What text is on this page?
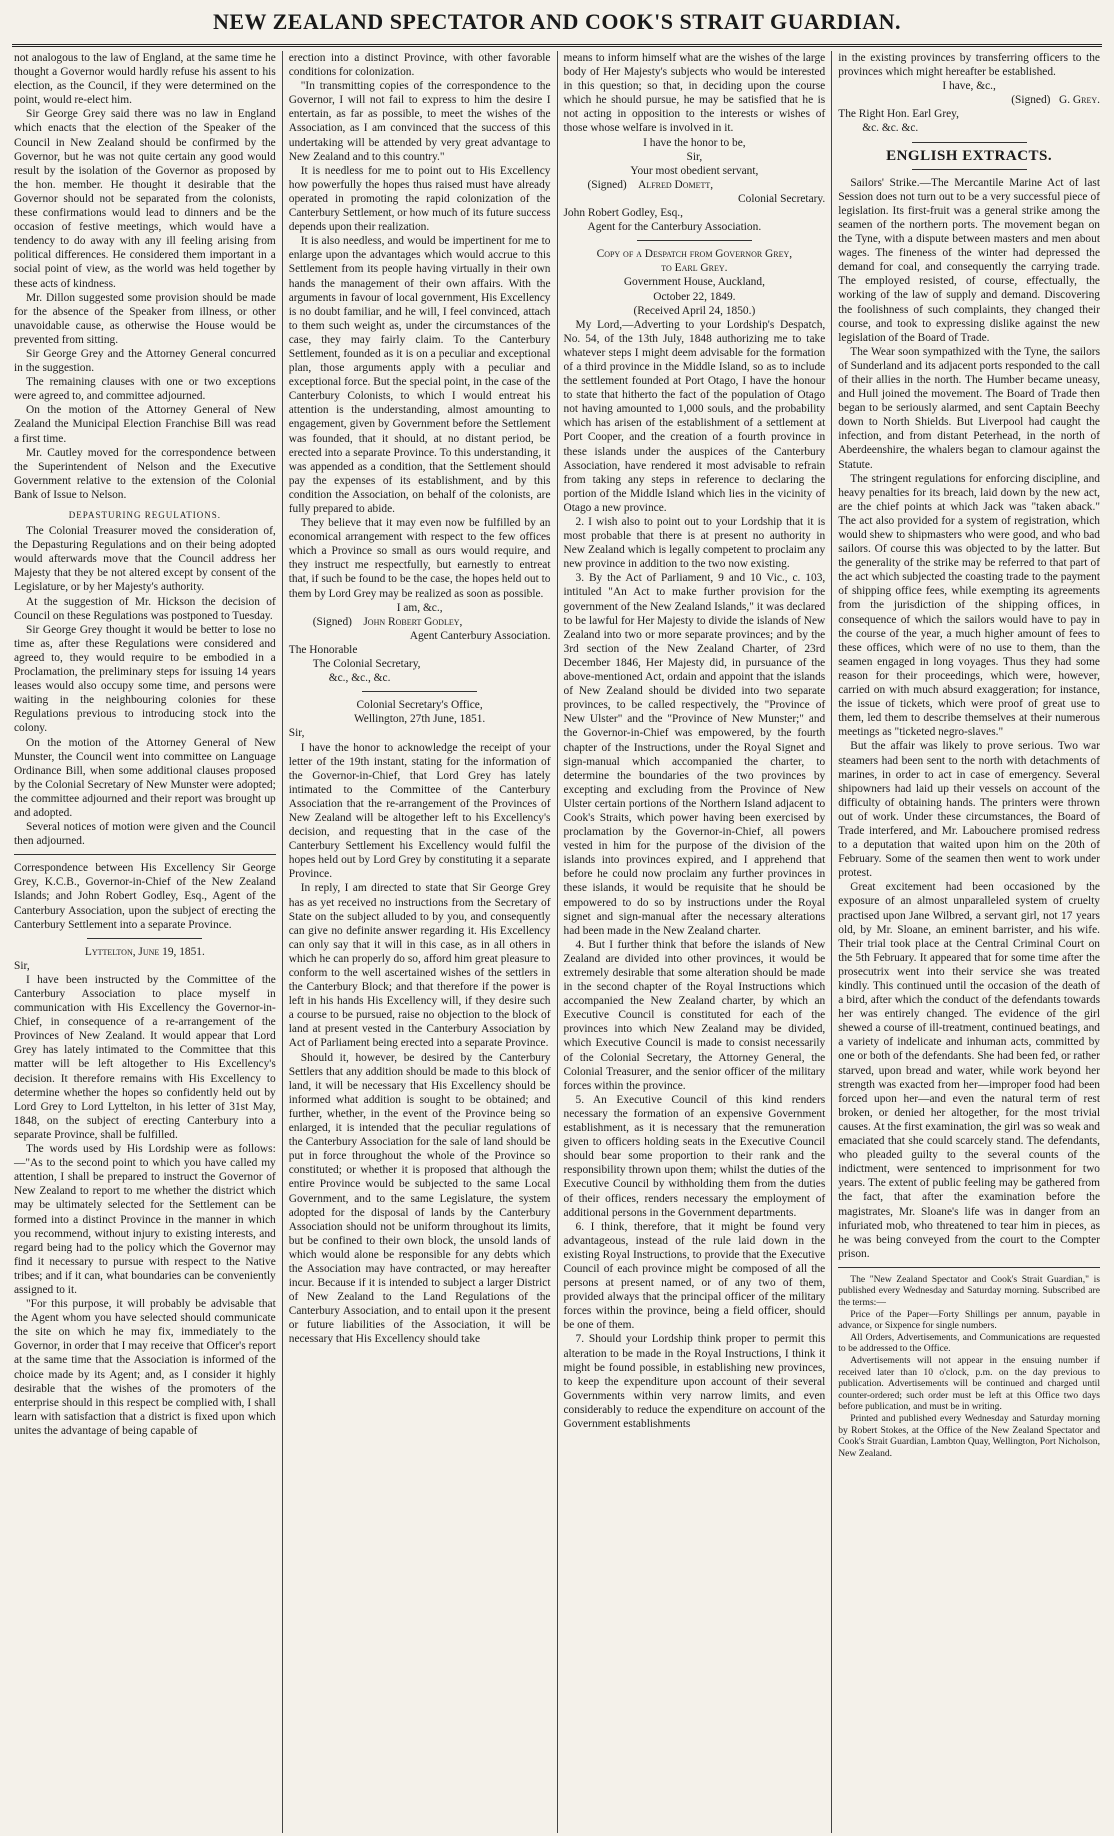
NEW ZEALAND SPECTATOR AND COOK'S STRAIT GUARDIAN.

not analogous to the law of England, at the same time he thought a Governor would hardly refuse his assent to his election, as the Council, if they were determined on the point, would re-elect him.

Sir George Grey said there was no law in England which enacts that the election of the Speaker of the Council in New Zealand should be confirmed by the Governor, but he was not quite certain any good would result by the isolation of the Governor as proposed by the hon. member. He thought it desirable that the Governor should not be separated from the colonists, these confirmations would lead to dinners and be the occasion of festive meetings, which would have a tendency to do away with any ill feeling arising from political differences. He considered them important in a social point of view, as the world was held together by these acts of kindness.

Mr. Dillon suggested some provision should be made for the absence of the Speaker from illness, or other unavoidable cause, as otherwise the House would be prevented from sitting.

Sir George Grey and the Attorney General concurred in the suggestion.

The remaining clauses with one or two exceptions were agreed to, and committee adjourned.

On the motion of the Attorney General of New Zealand the Municipal Election Franchise Bill was read a first time.

Mr. Cautley moved for the correspondence between the Superintendent of Nelson and the Executive Government relative to the extension of the Colonial Bank of Issue to Nelson.

DEPASTURING REGULATIONS.

The Colonial Treasurer moved the consideration of, the Depasturing Regulations and on their being adopted would afterwards move that the Council address her Majesty that they be not altered except by consent of the Legislature, or by her Majesty's authority.

At the suggestion of Mr. Hickson the decision of Council on these Regulations was postponed to Tuesday.

Sir George Grey thought it would be better to lose no time as, after these Regulations were considered and agreed to, they would require to be embodied in a Proclamation, the preliminary steps for issuing 14 years leases would also occupy some time, and persons were waiting in the neighbouring colonies for these Regulations previous to introducing stock into the colony.

On the motion of the Attorney General of New Munster, the Council went into committee on Language Ordinance Bill, when some additional clauses proposed by the Colonial Secretary of New Munster were adopted; the committee adjourned and their report was brought up and adopted.

Several notices of motion were given and the Council then adjourned.

Correspondence between His Excellency Sir George Grey, K.C.B., Governor-in-Chief of the New Zealand Islands; and John Robert Godley, Esq., Agent of the Canterbury Association, upon the subject of erecting the Canterbury Settlement into a separate Province.

Lyttelton, June 19, 1851.

Sir,

I have been instructed by the Committee of the Canterbury Association to place myself in communication with His Excellency the Governor-in-Chief, in consequence of a re-arrangement of the Provinces of New Zealand. It would appear that Lord Grey has lately intimated to the Committee that this matter will be left altogether to His Excellency's decision. It therefore remains with His Excellency to determine whether the hopes so confidently held out by Lord Grey to Lord Lyttelton, in his letter of 31st May, 1848, on the subject of erecting Canterbury into a separate Province, shall be fulfilled.

The words used by His Lordship were as follows:—"As to the second point to which you have called my attention, I shall be prepared to instruct the Governor of New Zealand to report to me whether the district which may be ultimately selected for the Settlement can be formed into a distinct Province in the manner in which you recommend, without injury to existing interests, and regard being had to the policy which the Governor may find it necessary to pursue with respect to the Native tribes; and if it can, what boundaries can be conveniently assigned to it.

"For this purpose, it will probably be advisable that the Agent whom you have selected should communicate the site on which he may fix, immediately to the Governor, in order that I may receive that Officer's report at the same time that the Association is informed of the choice made by its Agent; and, as I consider it highly desirable that the wishes of the promoters of the enterprise should in this respect be complied with, I shall learn with satisfaction that a district is fixed upon which unites the advantage of being capable of

erection into a distinct Province, with other favorable conditions for colonization.

"In transmitting copies of the correspondence to the Governor, I will not fail to express to him the desire I entertain, as far as possible, to meet the wishes of the Association, as I am convinced that the success of this undertaking will be attended by very great advantage to New Zealand and to this country."

It is needless for me to point out to His Excellency how powerfully the hopes thus raised must have already operated in promoting the rapid colonization of the Canterbury Settlement, or how much of its future success depends upon their realization.

It is also needless, and would be impertinent for me to enlarge upon the advantages which would accrue to this Settlement from its people having virtually in their own hands the management of their own affairs. With the arguments in favour of local government, His Excellency is no doubt familiar, and he will, I feel convinced, attach to them such weight as, under the circumstances of the case, they may fairly claim. To the Canterbury Settlement, founded as it is on a peculiar and exceptional plan, those arguments apply with a peculiar and exceptional force. But the special point, in the case of the Canterbury Colonists, to which I would entreat his attention is the understanding, almost amounting to engagement, given by Government before the Settlement was founded, that it should, at no distant period, be erected into a separate Province. To this understanding, it was appended as a condition, that the Settlement should pay the expenses of its establishment, and by this condition the Association, on behalf of the colonists, are fully prepared to abide.

They believe that it may even now be fulfilled by an economical arrangement with respect to the few offices which a Province so small as ours would require, and they instruct me respectfully, but earnestly to entreat that, if such be found to be the case, the hopes held out to them by Lord Grey may be realized as soon as possible.

I am, &c.,

(Signed) John Robert Godley,

Agent Canterbury Association.

The Honorable

The Colonial Secretary,

&c., &c., &c.

Colonial Secretary's Office,

Wellington, 27th June, 1851.

Sir,

I have the honor to acknowledge the receipt of your letter of the 19th instant, stating for the information of the Governor-in-Chief, that Lord Grey has lately intimated to the Committee of the Canterbury Association that the re-arrangement of the Provinces of New Zealand will be altogether left to his Excellency's decision, and requesting that in the case of the Canterbury Settlement his Excellency would fulfil the hopes held out by Lord Grey by constituting it a separate Province.

In reply, I am directed to state that Sir George Grey has as yet received no instructions from the Secretary of State on the subject alluded to by you, and consequently can give no definite answer regarding it. His Excellency can only say that it will in this case, as in all others in which he can properly do so, afford him great pleasure to conform to the well ascertained wishes of the settlers in the Canterbury Block; and that therefore if the power is left in his hands His Excellency will, if they desire such a course to be pursued, raise no objection to the block of land at present vested in the Canterbury Association by Act of Parliament being erected into a separate Province.

Should it, however, be desired by the Canterbury Settlers that any addition should be made to this block of land, it will be necessary that His Excellency should be informed what addition is sought to be obtained; and further, whether, in the event of the Province being so enlarged, it is intended that the peculiar regulations of the Canterbury Association for the sale of land should be put in force throughout the whole of the Province so constituted; or whether it is proposed that although the entire Province would be subjected to the same Local Government, and to the same Legislature, the system adopted for the disposal of lands by the Canterbury Association should not be uniform throughout its limits, but be confined to their own block, the unsold lands of which would alone be responsible for any debts which the Association may have contracted, or may hereafter incur. Because if it is intended to subject a larger District of New Zealand to the Land Regulations of the Canterbury Association, and to entail upon it the present or future liabilities of the Association, it will be necessary that His Excellency should take

means to inform himself what are the wishes of the large body of Her Majesty's subjects who would be interested in this question; so that, in deciding upon the course which he should pursue, he may be satisfied that he is not acting in opposition to the interests or wishes of those whose welfare is involved in it.

I have the honor to be,

Sir,

Your most obedient servant,

(Signed) Alfred Domett,

Colonial Secretary.

John Robert Godley, Esq.,

Agent for the Canterbury Association.

Copy of a Despatch from Governor Grey,

to Earl Grey.

Government House, Auckland,

October 22, 1849.

(Received April 24, 1850.)

My Lord,—Adverting to your Lordship's Despatch, No. 54, of the 13th July, 1848 authorizing me to take whatever steps I might deem advisable for the formation of a third province in the Middle Island, so as to include the settlement founded at Port Otago, I have the honour to state that hitherto the fact of the population of Otago not having amounted to 1,000 souls, and the probability which has arisen of the establishment of a settlement at Port Cooper, and the creation of a fourth province in these islands under the auspices of the Canterbury Association, have rendered it most advisable to refrain from taking any steps in reference to declaring the portion of the Middle Island which lies in the vicinity of Otago a new province.

2. I wish also to point out to your Lordship that it is most probable that there is at present no authority in New Zealand which is legally competent to proclaim any new province in addition to the two now existing.

3. By the Act of Parliament, 9 and 10 Vic., c. 103, intituled "An Act to make further provision for the government of the New Zealand Islands," it was declared to be lawful for Her Majesty to divide the islands of New Zealand into two or more separate provinces; and by the 3rd section of the New Zealand Charter, of 23rd December 1846, Her Majesty did, in pursuance of the above-mentioned Act, ordain and appoint that the islands of New Zealand should be divided into two separate provinces, to be called respectively, the "Province of New Ulster" and the "Province of New Munster;" and the Governor-in-Chief was empowered, by the fourth chapter of the Instructions, under the Royal Signet and sign-manual which accompanied the charter, to determine the boundaries of the two provinces by excepting and excluding from the Province of New Ulster certain portions of the Northern Island adjacent to Cook's Straits, which power having been exercised by proclamation by the Governor-in-Chief, all powers vested in him for the purpose of the division of the islands into provinces expired, and I apprehend that before he could now proclaim any further provinces in these islands, it would be requisite that he should be empowered to do so by instructions under the Royal signet and sign-manual after the necessary alterations had been made in the New Zealand charter.

4. But I further think that before the islands of New Zealand are divided into other provinces, it would be extremely desirable that some alteration should be made in the second chapter of the Royal Instructions which accompanied the New Zealand charter, by which an Executive Council is constituted for each of the provinces into which New Zealand may be divided, which Executive Council is made to consist necessarily of the Colonial Secretary, the Attorney General, the Colonial Treasurer, and the senior officer of the military forces within the province.

5. An Executive Council of this kind renders necessary the formation of an expensive Government establishment, as it is necessary that the remuneration given to officers holding seats in the Executive Council should bear some proportion to their rank and the responsibility thrown upon them; whilst the duties of the Executive Council by withholding them from the duties of their offices, renders necessary the employment of additional persons in the Government departments.

6. I think, therefore, that it might be found very advantageous, instead of the rule laid down in the existing Royal Instructions, to provide that the Executive Council of each province might be composed of all the persons at present named, or of any two of them, provided always that the principal officer of the military forces within the province, being a field officer, should be one of them.

7. Should your Lordship think proper to permit this alteration to be made in the Royal Instructions, I think it might be found possible, in establishing new provinces, to keep the expenditure upon account of their several Governments within very narrow limits, and even considerably to reduce the expenditure on account of the Government establishments

in the existing provinces by transferring officers to the provinces which might hereafter be established.

I have, &c.,

(Signed) G. Grey.

The Right Hon. Earl Grey,

&c. &c. &c.

ENGLISH EXTRACTS.

Sailors' Strike.—The Mercantile Marine Act of last Session does not turn out to be a very successful piece of legislation. Its first-fruit was a general strike among the seamen of the northern ports. The movement began on the Tyne, with a dispute between masters and men about wages. The fineness of the winter had depressed the demand for coal, and consequently the carrying trade. The employed resisted, of course, effectually, the working of the law of supply and demand. Discovering the foolishness of such complaints, they changed their course, and took to expressing dislike against the new legislation of the Board of Trade.

The Wear soon sympathized with the Tyne, the sailors of Sunderland and its adjacent ports responded to the call of their allies in the north. The Humber became uneasy, and Hull joined the movement. The Board of Trade then began to be seriously alarmed, and sent Captain Beechy down to North Shields. But Liverpool had caught the infection, and from distant Peterhead, in the north of Aberdeenshire, the whalers began to clamour against the Statute.

The stringent regulations for enforcing discipline, and heavy penalties for its breach, laid down by the new act, are the chief points at which Jack was "taken aback." The act also provided for a system of registration, which would shew to shipmasters who were good, and who bad sailors. Of course this was objected to by the latter. But the generality of the strike may be referred to that part of the act which subjected the coasting trade to the payment of shipping office fees, while exempting its agreements from the jurisdiction of the shipping offices, in consequence of which the sailors would have to pay in the course of the year, a much higher amount of fees to these offices, which were of no use to them, than the seamen engaged in long voyages. Thus they had some reason for their proceedings, which were, however, carried on with much absurd exaggeration; for instance, the issue of tickets, which were proof of great use to them, led them to describe themselves at their numerous meetings as "ticketed negro-slaves."

But the affair was likely to prove serious. Two war steamers had been sent to the north with detachments of marines, in order to act in case of emergency. Several shipowners had laid up their vessels on account of the difficulty of obtaining hands. The printers were thrown out of work. Under these circumstances, the Board of Trade interfered, and Mr. Labouchere promised redress to a deputation that waited upon him on the 20th of February. Some of the seamen then went to work under protest.

Great excitement had been occasioned by the exposure of an almost unparalleled system of cruelty practised upon Jane Wilbred, a servant girl, not 17 years old, by Mr. Sloane, an eminent barrister, and his wife. Their trial took place at the Central Criminal Court on the 5th February. It appeared that for some time after the prosecutrix went into their service she was treated kindly. This continued until the occasion of the death of a bird, after which the conduct of the defendants towards her was entirely changed. The evidence of the girl shewed a course of ill-treatment, continued beatings, and a variety of indelicate and inhuman acts, committed by one or both of the defendants. She had been fed, or rather starved, upon bread and water, while work beyond her strength was exacted from her—improper food had been forced upon her—and even the natural term of rest broken, or denied her altogether, for the most trivial causes. At the first examination, the girl was so weak and emaciated that she could scarcely stand. The defendants, who pleaded guilty to the several counts of the indictment, were sentenced to imprisonment for two years. The extent of public feeling may be gathered from the fact, that after the examination before the magistrates, Mr. Sloane's life was in danger from an infuriated mob, who threatened to tear him in pieces, as he was being conveyed from the court to the Compter prison.

The "New Zealand Spectator and Cook's Strait Guardian," is published every Wednesday and Saturday morning. Subscribed are the terms:—

Price of the Paper—Forty Shillings per annum, payable in advance, or Sixpence for single numbers.

All Orders, Advertisements, and Communications are requested to be addressed to the Office.

Advertisements will not appear in the ensuing number if received later than 10 o'clock, p.m. on the day previous to publication. Advertisements will be continued and charged until counter-ordered; such order must be left at this Office two days before publication, and must be in writing.

Printed and published every Wednesday and Saturday morning by Robert Stokes, at the Office of the New Zealand Spectator and Cook's Strait Guardian, Lambton Quay, Wellington, Port Nicholson, New Zealand.
